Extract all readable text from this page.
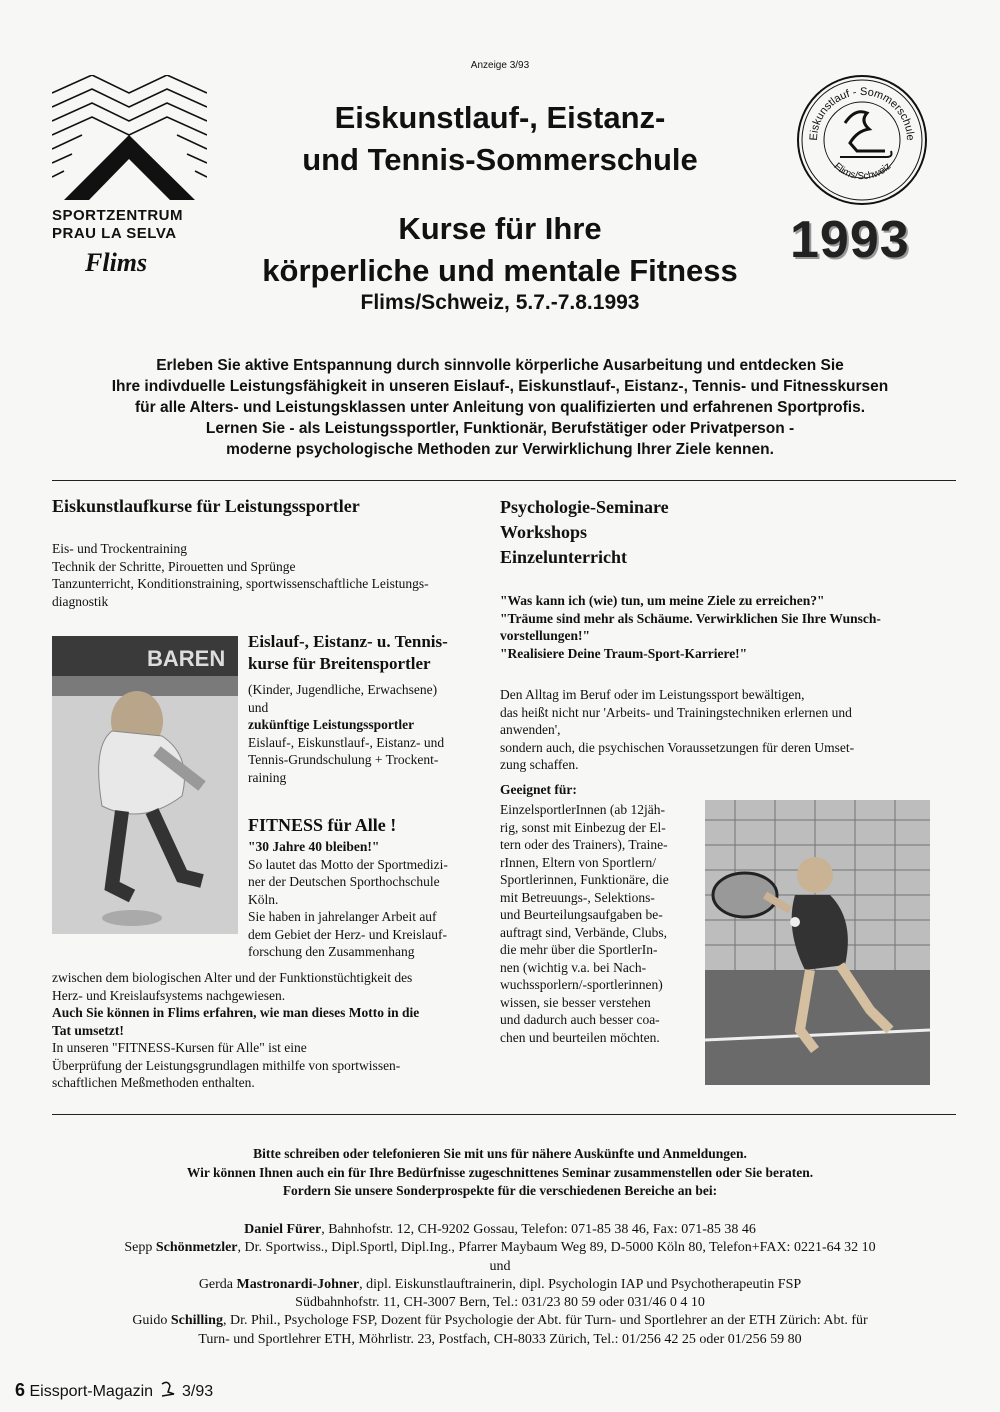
Anzeige 3/93
SPORTZENTRUM
PRAU LA SELVA
Flims
Eiskunstlauf-, Eistanz-
und Tennis-Sommerschule
Kurse für Ihre
körperliche und mentale Fitness
Flims/Schweiz, 5.7.-7.8.1993
Eiskunstlauf - Sommerschule
Flims/Schweiz
1993
Erleben Sie aktive Entspannung durch sinnvolle körperliche Ausarbeitung und entdecken Sie
Ihre indivduelle Leistungsfähigkeit in unseren Eislauf-, Eiskunstlauf-, Eistanz-, Tennis- und Fitnesskursen
für alle Alters- und Leistungsklassen unter Anleitung von qualifizierten und erfahrenen Sportprofis.
Lernen Sie - als Leistungssportler, Funktionär, Berufstätiger oder Privatperson -
moderne psychologische Methoden zur Verwirklichung Ihrer Ziele kennen.
Eiskunstlaufkurse für Leistungssportler
Eis- und Trockentraining
Technik der Schritte, Pirouetten und Sprünge
Tanzunterricht, Konditionstraining, sportwissenschaftliche Leistungs-
diagnostik
BAREN
Eislauf-, Eistanz- u. Tennis-
kurse für Breitensportler
(Kinder, Jugendliche, Erwachsene)
und
zukünftige Leistungssportler
Eislauf-, Eiskunstlauf-, Eistanz- und
Tennis-Grundschulung + Trockent-
raining
FITNESS für Alle !
"30 Jahre 40 bleiben!"
So lautet das Motto der Sportmedizi-
ner der Deutschen Sporthochschule
Köln.
Sie haben in jahrelanger Arbeit auf
dem Gebiet der Herz- und Kreislauf-
forschung den Zusammenhang
zwischen dem biologischen Alter und der Funktionstüchtigkeit des
Herz- und Kreislaufsystems nachgewiesen.
Auch Sie können in Flims erfahren, wie man dieses Motto in die
Tat umsetzt!
In unseren "FITNESS-Kursen für Alle" ist eine
Überprüfung der Leistungsgrundlagen mithilfe von sportwissen-
schaftlichen Meßmethoden enthalten.
Psychologie-Seminare
Workshops
Einzelunterricht
"Was kann ich (wie) tun, um meine Ziele zu erreichen?"
"Träume sind mehr als Schäume. Verwirklichen Sie Ihre Wunsch-
vorstellungen!"
"Realisiere Deine Traum-Sport-Karriere!"
Den Alltag im Beruf oder im Leistungssport bewältigen,
das heißt nicht nur 'Arbeits- und Trainingstechniken erlernen und
anwenden',
sondern auch, die psychischen Voraussetzungen für deren Umset-
zung schaffen.
Geeignet für:
EinzelsportlerInnen (ab 12jäh-
rig, sonst mit Einbezug der El-
tern oder des Trainers), Traine-
rInnen, Eltern von Sportlern/
Sportlerinnen, Funktionäre, die
mit Betreuungs-, Selektions-
und Beurteilungsaufgaben be-
auftragt sind, Verbände, Clubs,
die mehr über die SportlerIn-
nen (wichtig v.a. bei Nach-
wuchssporlern/-sportlerinnen)
wissen, sie besser verstehen
und dadurch auch besser coa-
chen und beurteilen möchten.
Bitte schreiben oder telefonieren Sie mit uns für nähere Auskünfte und Anmeldungen.
Wir können Ihnen auch ein für Ihre Bedürfnisse zugeschnittenes Seminar zusammenstellen oder Sie beraten.
Fordern Sie unsere Sonderprospekte für die verschiedenen Bereiche an bei:
Daniel Fürer, Bahnhofstr. 12, CH-9202 Gossau, Telefon: 071-85 38 46, Fax: 071-85 38 46
Sepp Schönmetzler, Dr. Sportwiss., Dipl.Sportl, Dipl.Ing., Pfarrer Maybaum Weg 89, D-5000 Köln 80, Telefon+FAX: 0221-64 32 10
und
Gerda Mastronardi-Johner, dipl. Eiskunstlauftrainerin, dipl. Psychologin IAP und Psychotherapeutin FSP
Südbahnhofstr. 11, CH-3007 Bern, Tel.: 031/23 80 59 oder 031/46 0 4 10
Guido Schilling, Dr. Phil., Psychologe FSP, Dozent für Psychologie der Abt. für Turn- und Sportlehrer an der ETH Zürich: Abt. für
Turn- und Sportlehrer ETH, Möhrlistr. 23, Postfach, CH-8033 Zürich, Tel.: 01/256 42 25 oder 01/256 59 80
6 Eissport-Magazin 3/93
